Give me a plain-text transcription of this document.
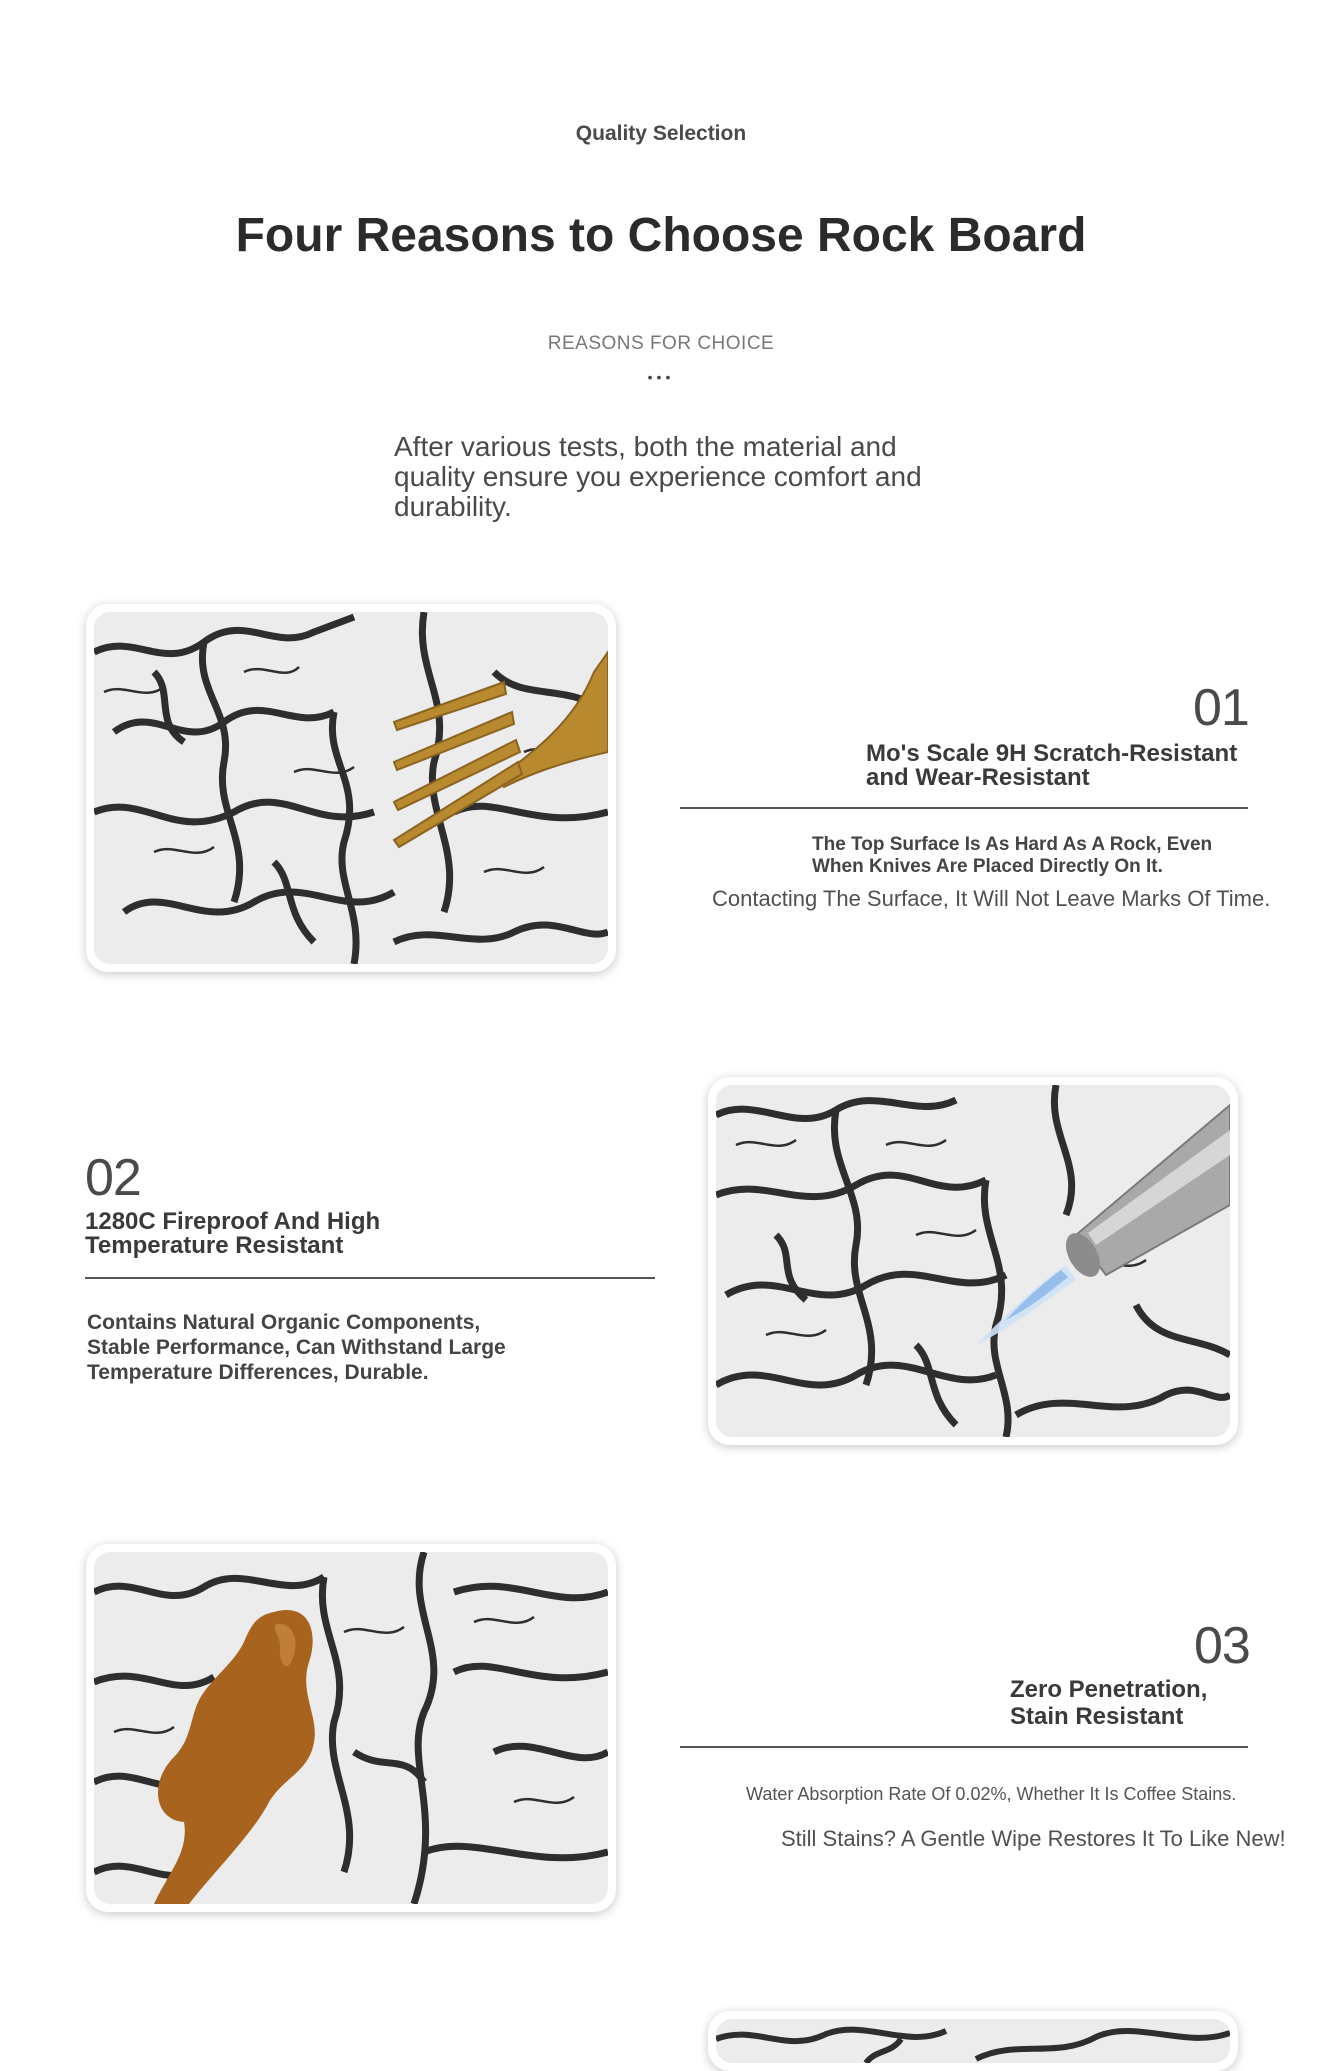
Quality Selection
Four Reasons to Choose Rock Board
REASONS FOR CHOICE
•••
After various tests, both the material and quality ensure you experience comfort and durability.
01
Mo's Scale 9H Scratch-Resistant and Wear-Resistant
The Top Surface Is As Hard As A Rock, Even When Knives Are Placed Directly On It.
Contacting The Surface, It Will Not Leave Marks Of Time.
02
1280C Fireproof And High Temperature Resistant
Contains Natural Organic Components, Stable Performance, Can Withstand Large Temperature Differences, Durable.
03
Zero Penetration, Stain Resistant
Water Absorption Rate Of 0.02%, Whether It Is Coffee Stains.
Still Stains? A Gentle Wipe Restores It To Like New!
